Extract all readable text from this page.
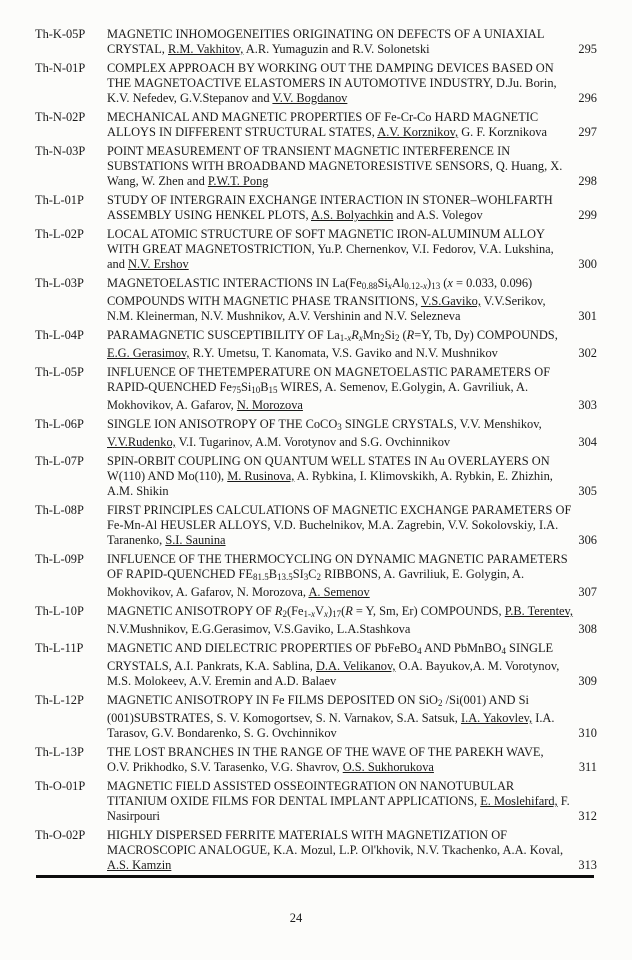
Th-K-05P	MAGNETIC INHOMOGENEITIES ORIGINATING ON DEFECTS OF A UNIAXIAL
CRYSTAL, R.M. Vakhitov, A.R. Yumaguzin and R.V. Solonetski	295
Th-N-01P	COMPLEX APPROACH BY WORKING OUT THE DAMPING DEVICES BASED ON
THE MAGNETOACTIVE ELASTOMERS IN AUTOMOTIVE INDUSTRY, D.Ju. Borin,
K.V. Nefedev, G.V.Stepanov and V.V. Bogdanov	296
Th-N-02P	MECHANICAL AND MAGNETIC PROPERTIES OF Fe-Cr-Co HARD MAGNETIC
ALLOYS IN DIFFERENT STRUCTURAL STATES, A.V. Korznikov, G. F. Korznikova	297
Th-N-03P	POINT MEASUREMENT OF TRANSIENT MAGNETIC INTERFERENCE IN
SUBSTATIONS WITH BROADBAND MAGNETORESISTIVE SENSORS, Q. Huang, X.
Wang, W. Zhen and P.W.T. Pong	298
Th-L-01P	STUDY OF INTERGRAIN EXCHANGE INTERACTION IN STONER–WOHLFARTH
ASSEMBLY USING HENKEL PLOTS, A.S. Bolyachkin and A.S. Volegov	299
Th-L-02P	LOCAL ATOMIC STRUCTURE OF SOFT MAGNETIC IRON-ALUMINUM ALLOY
WITH GREAT MAGNETOSTRICTION, Yu.P. Chernenkov, V.I. Fedorov, V.A. Lukshina,
and N.V. Ershov	300
Th-L-03P	MAGNETOELASTIC INTERACTIONS IN $La(Fe_{0.88}SixAl_{0.12-}x)_{13}$ (x = 0.033, 0.096)
COMPOUNDS WITH MAGNETIC PHASE TRANSITIONS, V.S.Gaviko, V.V.Serikov,
N.M. Kleinerman, N.V. Mushnikov, A.V. Vershinin and N.V. Selezneva	301
Th-L-04P	PARAMAGNETIC SUSCEPTIBILITY OF $La_{1-}xRxMn_2Si_2$ (R=Y, Tb, Dy) COMPOUNDS,
E.G. Gerasimov, R.Y. Umetsu, T. Kanomata, V.S. Gaviko and N.V. Mushnikov	302
Th-L-05P	INFLUENCE OF THETEMPERATURE ON MAGNETOELASTIC PARAMETERS OF
RAPID-QUENCHED $Fe_{75}Si_{10}B_{15}$ WIRES, A. Semenov, E.Golygin, A. Gavriliuk, A.
Mokhovikov, A. Gafarov, N. Morozova	303
Th-L-06P	SINGLE ION ANISOTROPY OF THE CoCO$_3$ SINGLE CRYSTALS, V.V. Menshikov,
V.V.Rudenko, V.I. Tugarinov, A.M. Vorotynov and S.G. Ovchinnikov	304
Th-L-07P	SPIN-ORBIT COUPLING ON QUANTUM WELL STATES IN Au OVERLAYERS ON
W(110) AND Mo(110), M. Rusinova, A. Rybkina, I. Klimovskikh, A. Rybkin, E. Zhizhin,
A.M. Shikin	305
Th-L-08P	FIRST PRINCIPLES CALCULATIONS OF MAGNETIC EXCHANGE PARAMETERS OF
Fe-Mn-Al HEUSLER ALLOYS, V.D. Buchelnikov, M.A. Zagrebin, V.V. Sokolovskiy, I.A.
Taranenko, S.I. Saunina	306
Th-L-09P	INFLUENCE OF THE THERMOCYCLING ON DYNAMIC MAGNETIC PARAMETERS
OF RAPID-QUENCHED $FE_{81.5}B_{13.5}SI_3C_2$ RIBBONS, A. Gavriliuk, E. Golygin, A.
Mokhovikov, A. Gafarov, N. Morozova, A. Semenov	307
Th-L-10P	MAGNETIC ANISOTROPY OF $R_2(Fe_{1-}xVx)_{17}(R = Y$, Sm, Er) COMPOUNDS, P.B. Terentev,
N.V.Mushnikov, E.G.Gerasimov, V.S.Gaviko, L.A.Stashkova	308
Th-L-11P	MAGNETIC AND DIELECTRIC PROPERTIES OF PbFeBO$_4$ AND PbMnBO$_4$ SINGLE
CRYSTALS, A.I. Pankrats, K.A. Sablina, D.A. Velikanov, O.A. Bayukov,A. M. Vorotynov,
M.S. Molokeev, A.V. Eremin and A.D. Balaev	309
Th-L-12P	MAGNETIC ANISOTROPY IN Fe FILMS DEPOSITED ON SiO$_2$ /Si(001) AND Si
(001)SUBSTRATES, S. V. Komogortsev, S. N. Varnakov, S.A. Satsuk, I.A. Yakovlev, I.A.
Tarasov, G.V. Bondarenko, S. G. Ovchinnikov	310
Th-L-13P	THE LOST BRANCHES IN THE RANGE OF THE WAVE OF THE PAREKH WAVE,
O.V. Prikhodko, S.V. Tarasenko, V.G. Shavrov, O.S. Sukhorukova	311
Th-O-01P	MAGNETIC FIELD ASSISTED OSSEOINTEGRATION ON NANOTUBULAR
TITANIUM OXIDE FILMS FOR DENTAL IMPLANT APPLICATIONS, E. Moslehifard, F.
Nasirpouri	312
Th-O-02P	HIGHLY DISPERSED FERRITE MATERIALS WITH MAGNETIZATION OF
MACROSCOPIC ANALOGUE, K.A. Mozul, L.P. Ol'khovik, N.V. Tkachenko, A.A. Koval,
A.S. Kamzin	313
24
